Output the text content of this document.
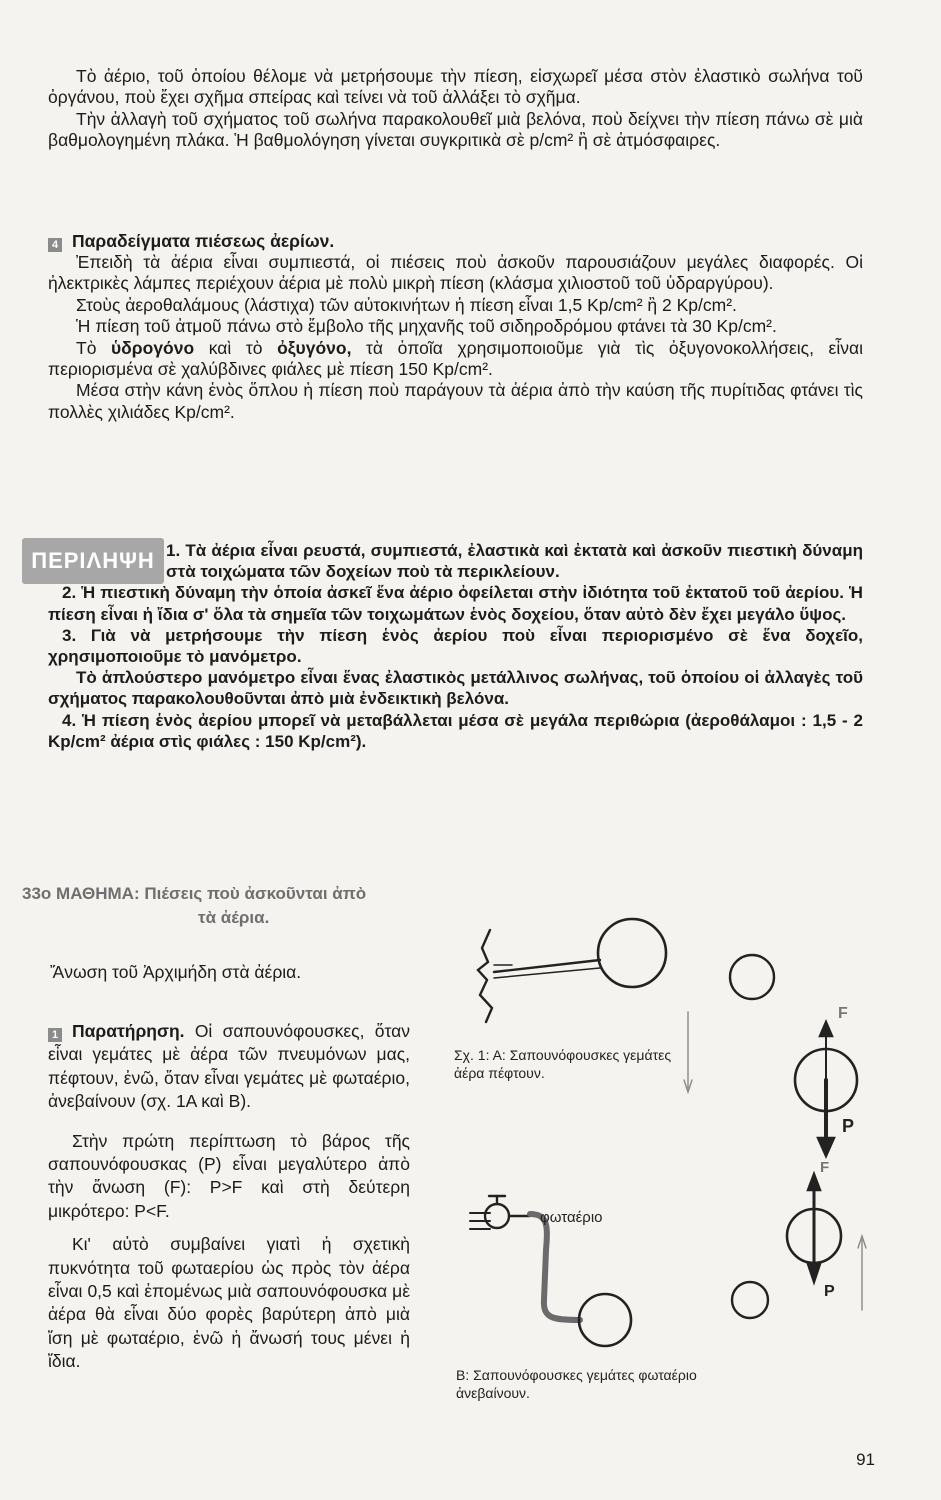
Τὸ ἀέριο, τοῦ ὁποίου θέλομε νὰ μετρήσουμε τὴν πίεση, εἰσχωρεῖ μέσα στὸν ἐλαστικὸ σωλήνα τοῦ ὀργάνου, ποὺ ἔχει σχῆμα σπείρας καὶ τείνει νὰ τοῦ ἀλλάξει τὸ σχῆμα.

Τὴν ἀλλαγὴ τοῦ σχήματος τοῦ σωλήνα παρακολουθεῖ μιὰ βελόνα, ποὺ δείχνει τὴν πίεση πάνω σὲ μιὰ βαθμολογημένη πλάκα. Ἡ βαθμολόγηση γίνεται συγκριτικὰ σὲ p/cm² ἢ σὲ ἀτμόσφαιρες.

4 Παραδείγματα πιέσεως ἀερίων.

Ἐπειδὴ τὰ ἀέρια εἶναι συμπιεστά, οἱ πιέσεις ποὺ ἀσκοῦν παρουσιάζουν μεγάλες διαφορές. Οἱ ἠλεκτρικὲς λάμπες περιέχουν ἀέρια μὲ πολὺ μικρὴ πίεση (κλάσμα χιλιοστοῦ τοῦ ὑδραργύρου).

Στοὺς ἀεροθαλάμους (λάστιχα) τῶν αὐτοκινήτων ἡ πίεση εἶναι 1,5 Kp/cm² ἢ 2 Kp/cm².

Ἡ πίεση τοῦ ἀτμοῦ πάνω στὸ ἔμβολο τῆς μηχανῆς τοῦ σιδηροδρόμου φτάνει τὰ 30 Kp/cm².

Τὸ ὑδρογόνο καὶ τὸ ὀξυγόνο, τὰ ὁποῖα χρησιμοποιοῦμε γιὰ τὶς ὀξυγονοκολλήσεις, εἶναι περιορισμένα σὲ χαλύβδινες φιάλες μὲ πίεση 150 Kp/cm².

Μέσα στὴν κάνη ἑνὸς ὅπλου ἡ πίεση ποὺ παράγουν τὰ ἀέρια ἀπὸ τὴν καύση τῆς πυρίτιδας φτάνει τὶς πολλὲς χιλιάδες Kp/cm².

ΠΕΡΙΛΗΨΗ 1. Τὰ ἀέρια εἶναι ρευστά, συμπιεστά, ἐλαστικὰ καὶ ἐκτατὰ καὶ ἀσκοῦν πιεστικὴ δύναμη στὰ τοιχώματα τῶν δοχείων ποὺ τὰ περικλείουν.

2. Ἡ πιεστικὴ δύναμη τὴν ὁποία ἀσκεῖ ἕνα ἀέριο ὀφείλεται στὴν ἰδιότητα τοῦ ἐκτατοῦ τοῦ ἀερίου. Ἡ πίεση εἶναι ἡ ἴδια σ' ὅλα τὰ σημεῖα τῶν τοιχωμάτων ἑνὸς δοχείου, ὅταν αὐτὸ δὲν ἔχει μεγάλο ὕψος.

3. Γιὰ νὰ μετρήσουμε τὴν πίεση ἑνὸς ἀερίου ποὺ εἶναι περιορισμένο σὲ ἕνα δοχεῖο, χρησιμοποιοῦμε τὸ μανόμετρο.

Τὸ ἁπλούστερο μανόμετρο εἶναι ἕνας ἐλαστικὸς μετάλλινος σωλήνας, τοῦ ὁποίου οἱ ἀλλαγὲς τοῦ σχήματος παρακολουθοῦνται ἀπὸ μιὰ ἐνδεικτικὴ βελόνα.

4. Ἡ πίεση ἑνὸς ἀερίου μπορεῖ νὰ μεταβάλλεται μέσα σὲ μεγάλα περιθώρια (ἀεροθάλαμοι : 1,5 - 2 Kp/cm² ἀέρια στὶς φιάλες : 150 Kp/cm²).

33ο ΜΑΘΗΜΑ: Πιέσεις ποὺ ἀσκοῦνται ἀπὸ
τὰ ἀέρια.
Ἄνωση τοῦ Ἀρχιμήδη στὰ ἀέρια.

1 Παρατήρηση. Οἱ σαπουνόφουσκες, ὅταν εἶναι γεμάτες μὲ ἀέρα τῶν πνευμόνων μας, πέφτουν, ἐνῶ, ὅταν εἶναι γεμάτες μὲ φωταέριο, ἀνεβαίνουν (σχ. 1Α καὶ Β).

Στὴν πρώτη περίπτωση τὸ βάρος τῆς σαπουνόφουσκας (P) εἶναι μεγαλύτερο ἀπὸ τὴν ἄνωση (F): P>F καὶ στὴ δεύτερη μικρότερο: P<F.

Κι' αὐτὸ συμβαίνει γιατὶ ἡ σχετικὴ πυκνότητα τοῦ φωταερίου ὡς πρὸς τὸν ἀέρα εἶναι 0,5 καὶ ἐπομένως μιὰ σαπουνόφουσκα μὲ ἀέρα θὰ εἶναι δύο φορὲς βαρύτερη ἀπὸ μιὰ ἴση μὲ φωταέριο, ἐνῶ ἡ ἄνωσή τους μένει ἡ ἴδια.

F
P
F
P
φωταέριο
Σχ. 1: Α: Σαπουνόφουσκες γεμάτες ἀέρα πέφτουν.
Β: Σαπουνόφουσκες γεμάτες φωταέριο ἀνεβαίνουν.
91
